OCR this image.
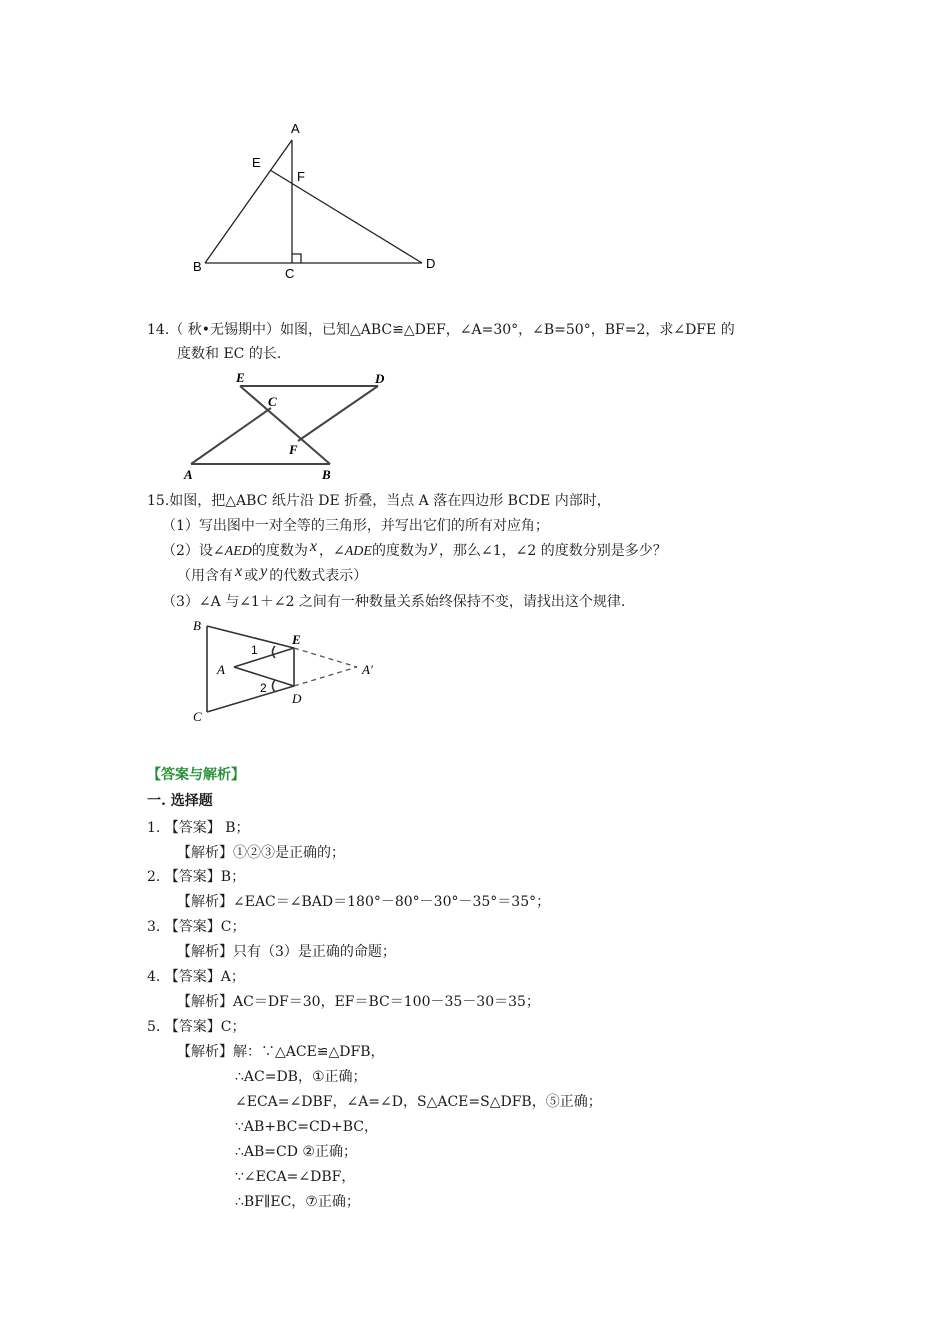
A
E
F
B	C
D
14.（ 秋•无锡期中）如图，已知△ABC≌△DEF，∠A=30°，∠B=50°，BF=2，求∠DFE 的
度数和 EC 的长.
E	D
C
F
A	B
15.如图，把△ABC 纸片沿 DE 折叠，当点 A 落在四边形 BCDE 内部时，
（1）写出图中一对全等的三角形，并写出它们的所有对应角；
（2）设∠AED的度数为 x ，∠ADE的度数为 y ，那么∠1，∠2 的度数分别是多少？
（用含有 x 或 y 的代数式表示）
（3）∠A 与∠1＋∠2 之间有一种数量关系始终保持不变，请找出这个规律.
B
E
A	A′
D
C
1
2
【答案与解析】
一. 选择题
1. 【答案】 B；
【解析】①②③是正确的；
2. 【答案】B；
【解析】∠EAC＝∠BAD＝180°－80°－30°－35°＝35°；
3. 【答案】C；
【解析】只有（3）是正确的命题；
4. 【答案】A；
【解析】AC＝DF＝30，EF＝BC＝100－35－30＝35；
5. 【答案】C；
【解析】解：∵△ACE≌△DFB，
∴AC=DB，①正确；
∠ECA=∠DBF，∠A=∠D，S△ACE=S△DFB，⑤正确；
∵AB+BC=CD+BC，
∴AB=CD ②正确；
∵∠ECA=∠DBF，
∴BF∥EC，⑦正确；
